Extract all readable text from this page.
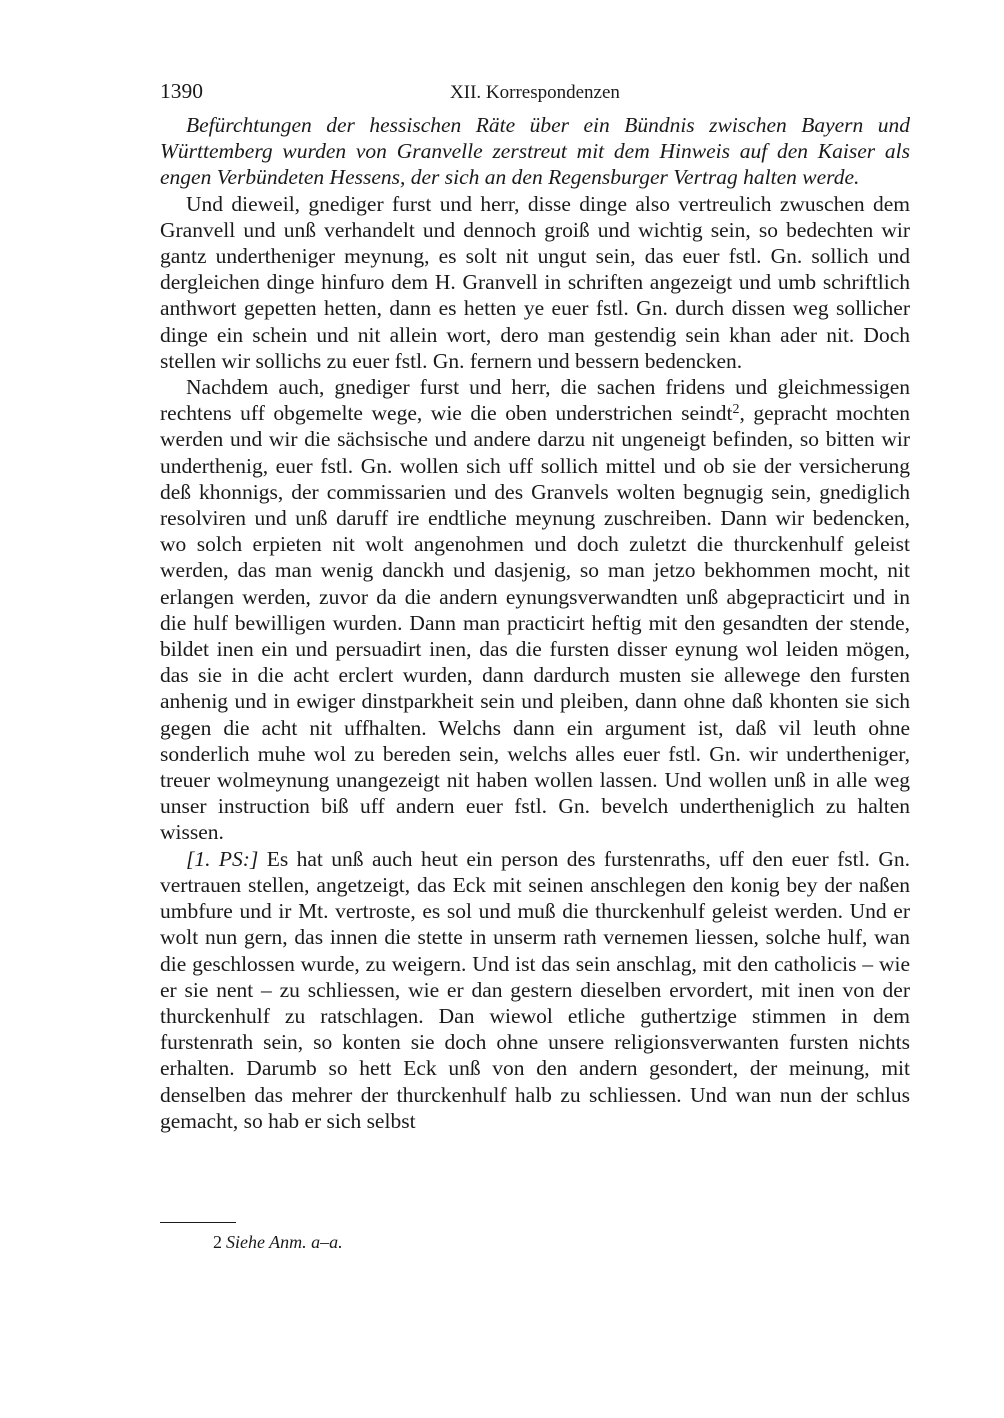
1390	XII. Korrespondenzen

Befürchtungen der hessischen Räte über ein Bündnis zwischen Bayern und Württemberg wurden von Granvelle zerstreut mit dem Hinweis auf den Kaiser als engen Verbündeten Hessens, der sich an den Regensburger Vertrag halten werde.

Und dieweil, gnediger furst und herr, disse dinge also vertreulich zwuschen dem Granvell und unß verhandelt und dennoch groiß und wichtig sein, so bedechten wir gantz undertheniger meynung, es solt nit ungut sein, das euer fstl. Gn. sollich und dergleichen dinge hinfuro dem H. Granvell in schriften angezeigt und umb schriftlich anthwort gepetten hetten, dann es hetten ye euer fstl. Gn. durch dissen weg sollicher dinge ein schein und nit allein wort, dero man gestendig sein khan ader nit. Doch stellen wir sollichs zu euer fstl. Gn. fernern und bessern bedencken.

Nachdem auch, gnediger furst und herr, die sachen fridens und gleichmessigen rechtens uff obgemelte wege, wie die oben understrichen seindt$^2$, gepracht mochten werden und wir die sächsische und andere darzu nit ungeneigt befinden, so bitten wir underthenig, euer fstl. Gn. wollen sich uff sollich mittel und ob sie der versicherung deß khonnigs, der commissarien und des Granvels wolten begnugig sein, gnediglich resolviren und unß daruff ire endtliche meynung zuschreiben. Dann wir bedencken, wo solch erpieten nit wolt angenohmen und doch zuletzt die thurckenhulf geleist werden, das man wenig danckh und dasjenig, so man jetzo bekhommen mocht, nit erlangen werden, zuvor da die andern eynungsverwandten unß abgepracticirt und in die hulf bewilligen wurden. Dann man practicirt heftig mit den gesandten der stende, bildet inen ein und persuadirt inen, das die fursten disser eynung wol leiden mögen, das sie in die acht erclert wurden, dann dardurch musten sie allewege den fursten anhenig und in ewiger dinstparkheit sein und pleiben, dann ohne daß khonten sie sich gegen die acht nit uffhalten. Welchs dann ein argument ist, daß vil leuth ohne sonderlich muhe wol zu bereden sein, welchs alles euer fstl. Gn. wir undertheniger, treuer wolmeynung unangezeigt nit haben wollen lassen. Und wollen unß in alle weg unser instruction biß uff andern euer fstl. Gn. bevelch undertheniglich zu halten wissen.

[1. PS:] Es hat unß auch heut ein person des furstenraths, uff den euer fstl. Gn. vertrauen stellen, angetzeigt, das Eck mit seinen anschlegen den konig bey der naßen umbfure und ir Mt. vertroste, es sol und muß die thurckenhulf geleist werden. Und er wolt nun gern, das innen die stette in unserm rath vernemen liessen, solche hulf, wan die geschlossen wurde, zu weigern. Und ist das sein anschlag, mit den catholicis – wie er sie nent – zu schliessen, wie er dan gestern dieselben ervordert, mit inen von der thurckenhulf zu ratschlagen. Dan wiewol etliche guthertzige stimmen in dem furstenrath sein, so konten sie doch ohne unsere religionsverwanten fursten nichts erhalten. Darumb so hett Eck unß von den andern gesondert, der meinung, mit denselben das mehrer der thurckenhulf halb zu schliessen. Und wan nun der schlus gemacht, so hab er sich selbst

2 Siehe Anm. a–a.
